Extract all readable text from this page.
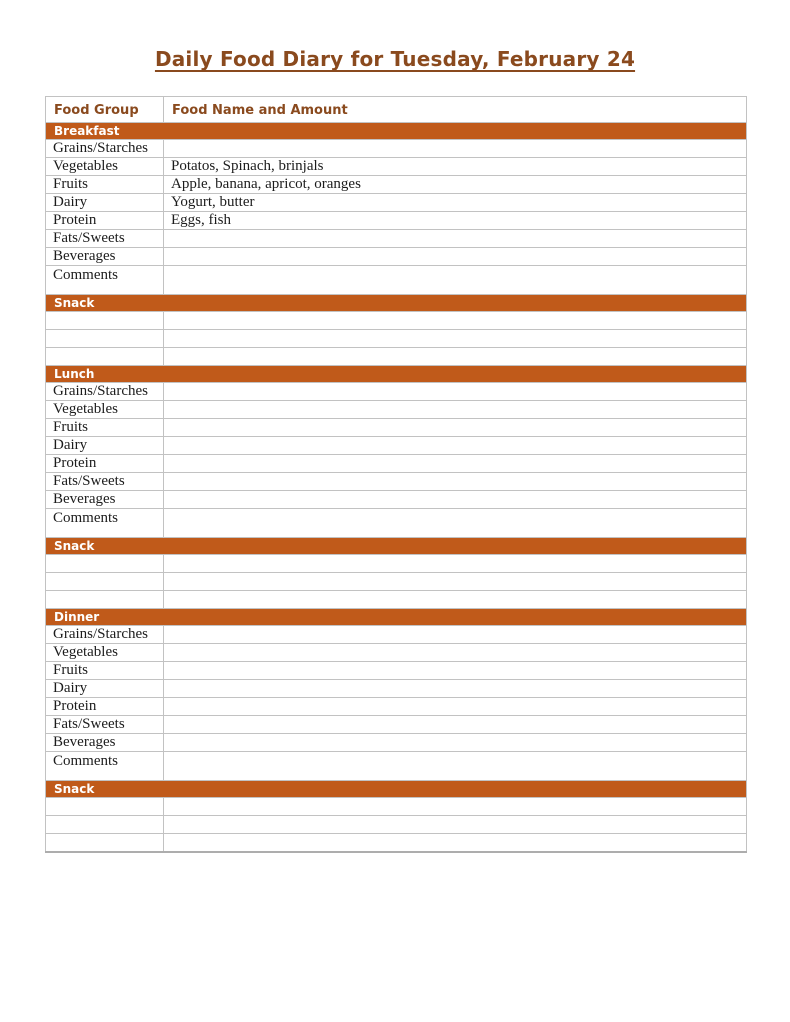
Daily Food Diary for Tuesday, February 24
Food Group	Food Name and Amount
Breakfast	
Grains/Starches	
Vegetables	Potatos, Spinach, brinjals
Fruits	Apple, banana, apricot, oranges
Dairy	Yogurt, butter
Protein	Eggs, fish
Fats/Sweets	
Beverages	
Comments	
Snack	

Lunch	
Grains/Starches	
Vegetables	
Fruits	
Dairy	
Protein	
Fats/Sweets	
Beverages	
Comments	
Snack	

Dinner	
Grains/Starches	
Vegetables	
Fruits	
Dairy	
Protein	
Fats/Sweets	
Beverages	
Comments	
Snack	
